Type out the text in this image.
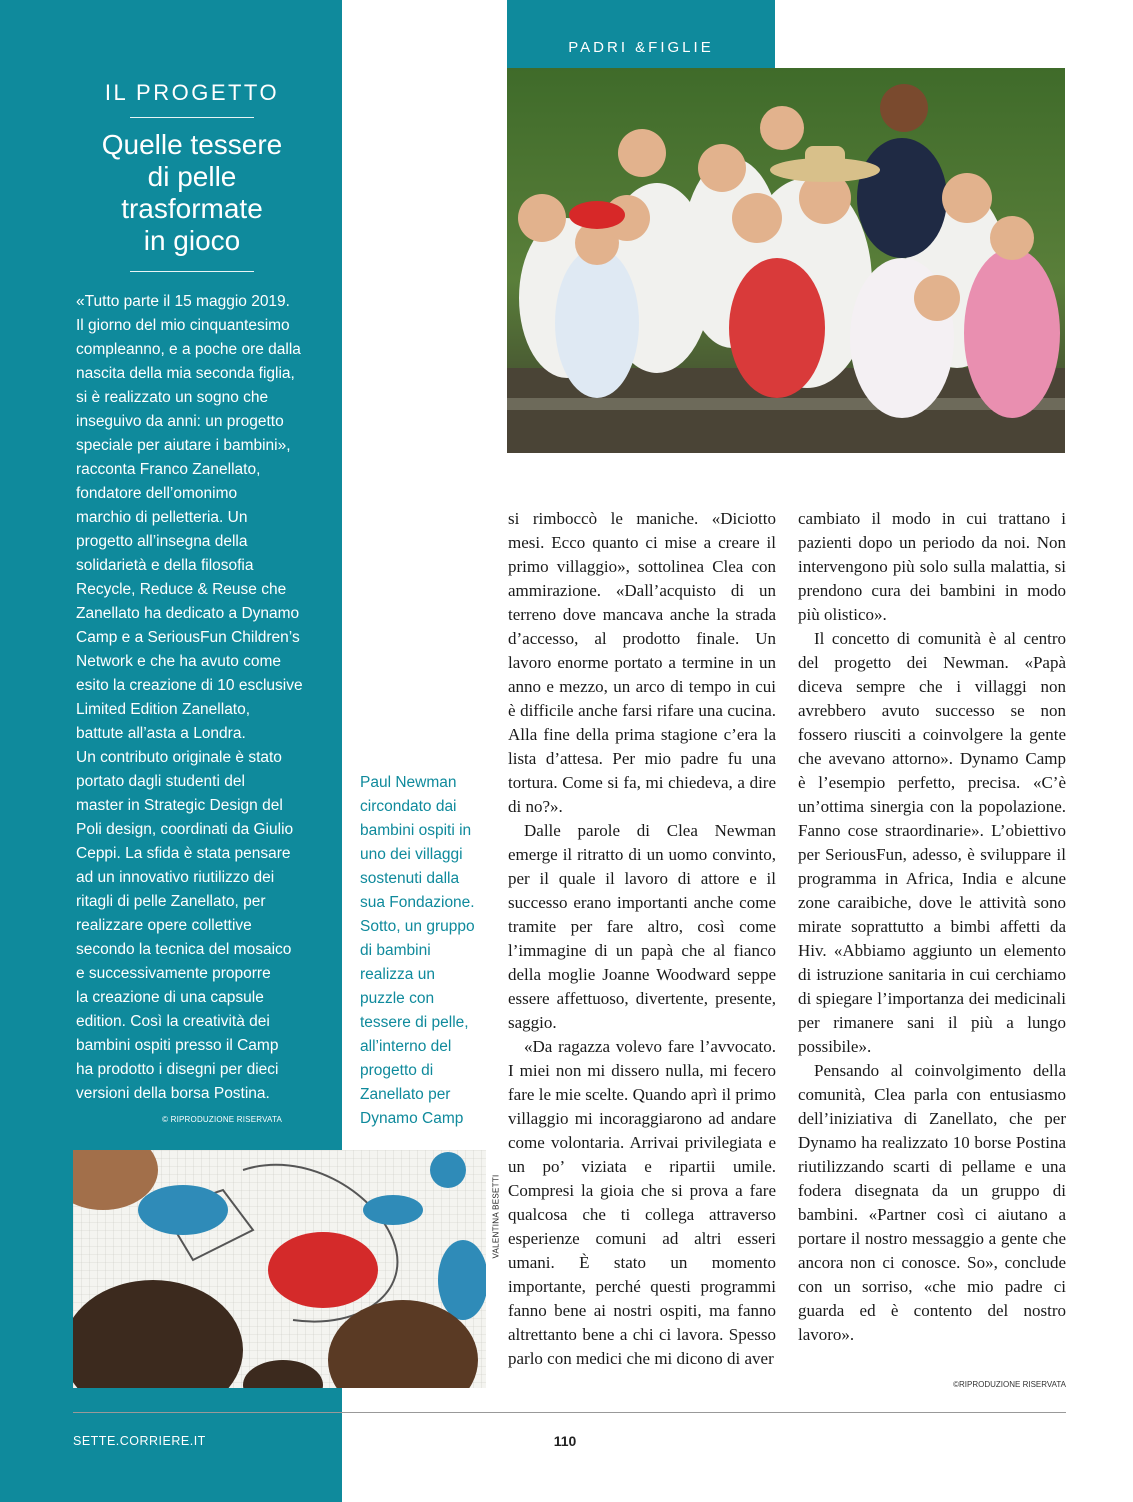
PADRI &FIGLIE
IL PROGETTO
Quelle tessere
di pelle
trasformate
in gioco
«Tutto parte il 15 maggio 2019.
Il giorno del mio cinquantesimo
compleanno, e a poche ore dalla
nascita della mia seconda figlia,
si è realizzato un sogno che
inseguivo da anni: un progetto
speciale per aiutare i bambini»,
racconta Franco Zanellato,
fondatore dell’omonimo
marchio di pelletteria. Un
progetto all’insegna della
solidarietà e della filosofia
Recycle, Reduce & Reuse che
Zanellato ha dedicato a Dynamo
Camp e a SeriousFun Children’s
Network e che ha avuto come
esito la creazione di 10 esclusive
Limited Edition Zanellato,
battute all’asta a Londra.
Un contributo originale è stato
portato dagli studenti del
master in Strategic Design del
Poli design, coordinati da Giulio
Ceppi. La sfida è stata pensare
ad un innovativo riutilizzo dei
ritagli di pelle Zanellato, per
realizzare opere collettive
secondo la tecnica del mosaico
e successivamente proporre
la creazione di una capsule
edition. Così la creatività dei
bambini ospiti presso il Camp
ha prodotto i disegni per dieci
versioni della borsa Postina.
© RIPRODUZIONE RISERVATA
Paul Newman
circondato dai
bambini ospiti in
uno dei villaggi
sostenuti dalla
sua Fondazione.
Sotto, un gruppo
di bambini
realizza un
puzzle con
tessere di pelle,
all’interno del
progetto di
Zanellato per
Dynamo Camp
VALENTINA BESETTI

si rimboccò le maniche. «Diciotto mesi. Ecco quanto ci mise a creare il primo villaggio», sottolinea Clea con ammirazione. «Dall’acquisto di un terreno dove mancava anche la strada d’accesso, al prodotto finale. Un lavoro enorme portato a termine in un anno e mezzo, un arco di tempo in cui è difficile anche farsi rifare una cucina. Alla fine della prima stagione c’era la lista d’attesa. Per mio padre fu una tortura. Come si fa, mi chiedeva, a dire di no?».

Dalle parole di Clea Newman emerge il ritratto di un uomo convinto, per il quale il lavoro di attore e il successo erano importanti anche come tramite per fare altro, così come l’immagine di un papà che al fianco della moglie Joanne Woodward seppe essere affettuoso, divertente, presente, saggio.

«Da ragazza volevo fare l’avvocato. I miei non mi dissero nulla, mi fecero fare le mie scelte. Quando aprì il primo villaggio mi incoraggiarono ad andare come volontaria. Arrivai privilegiata e un po’ viziata e ripartii umile. Compresi la gioia che si prova a fare qualcosa che ti collega attraverso esperienze comuni ad altri esseri umani. È stato un momento importante, perché questi programmi fanno bene ai nostri ospiti, ma fanno altrettanto bene a chi ci lavora. Spesso parlo con medici che mi dicono di aver

cambiato il modo in cui trattano i pazienti dopo un periodo da noi. Non intervengono più solo sulla malattia, si prendono cura dei bambini in modo più olistico».

Il concetto di comunità è al centro del progetto dei Newman. «Papà diceva sempre che i villaggi non avrebbero avuto successo se non fossero riusciti a coinvolgere la gente che avevano attorno». Dynamo Camp è l’esempio perfetto, precisa. «C’è un’ottima sinergia con la popolazione. Fanno cose straordinarie». L’obiettivo per SeriousFun, adesso, è sviluppare il programma in Africa, India e alcune zone caraibiche, dove le attività sono mirate soprattutto a bimbi affetti da Hiv. «Abbiamo aggiunto un elemento di istruzione sanitaria in cui cerchiamo di spiegare l’importanza dei medicinali per rimanere sani il più a lungo possibile».

Pensando al coinvolgimento della comunità, Clea parla con entusiasmo dell’iniziativa di Zanellato, che per Dynamo ha realizzato 10 borse Postina riutilizzando scarti di pellame e una fodera disegnata da un gruppo di bambini. «Partner così ci aiutano a portare il nostro messaggio a gente che ancora non ci conosce. So», conclude con un sorriso, «che mio padre ci guarda ed è contento del nostro lavoro».

©RIPRODUZIONE RISERVATA
SETTE.CORRIERE.IT	110
